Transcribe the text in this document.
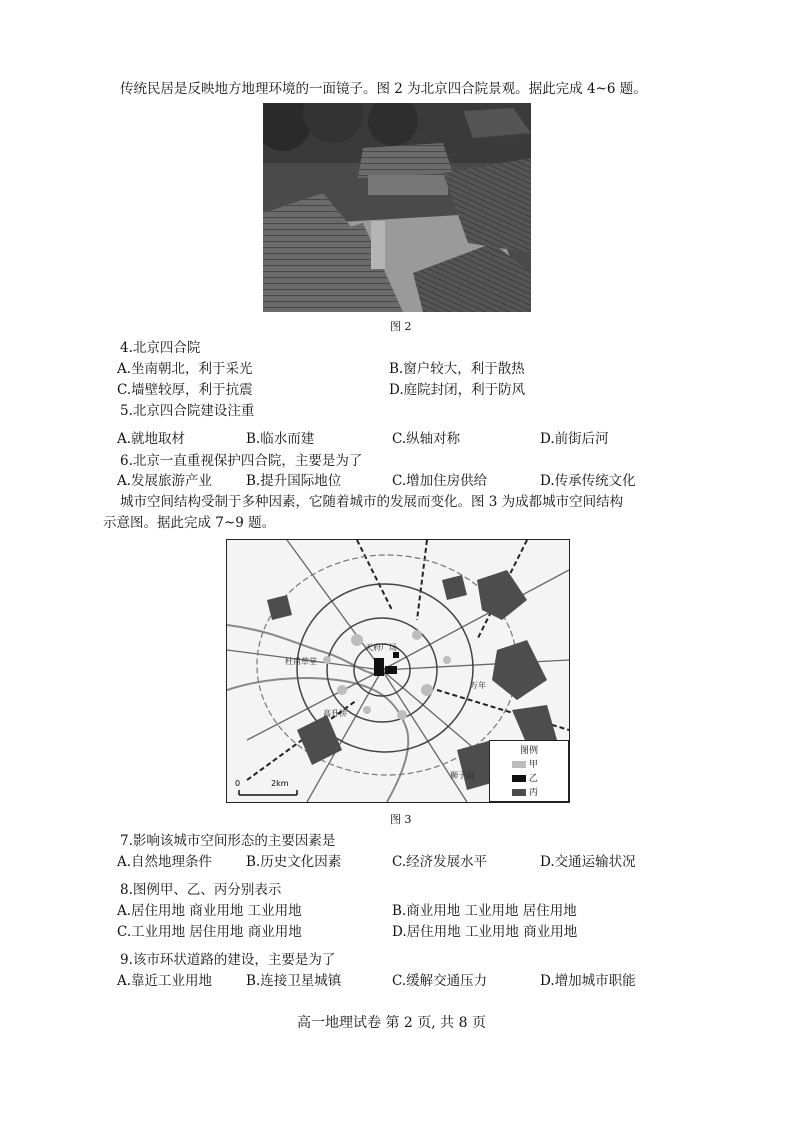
传统民居是反映地方地理环境的一面镜子。图 2 为北京四合院景观。据此完成 4~6 题。
图 2
4.北京四合院
A.坐南朝北，利于采光	B.窗户较大，利于散热
C.墙壁较厚，利于抗震	D.庭院封闭，利于防风
5.北京四合院建设注重
A.就地取材	B.临水而建	C.纵轴对称	D.前街后河
6.北京一直重视保护四合院，主要是为了
A.发展旅游产业	B.提升国际地位	C.增加住房供给	D.传承传统文化
城市空间结构受制于多种因素，它随着城市的发展而变化。图 3 为成都城市空间结构
示意图。据此完成 7~9 题。
杜甫草堂
天府广场
万年
高升桥
狮子山
0	2km
图例
甲
乙
丙
图 3
7.影响该城市空间形态的主要因素是
A.自然地理条件	B.历史文化因素	C.经济发展水平	D.交通运输状况
8.图例甲、乙、丙分别表示
A.居住用地 商业用地 工业用地	B.商业用地 工业用地 居住用地
C.工业用地 居住用地 商业用地	D.居住用地 工业用地 商业用地
9.该市环状道路的建设，主要是为了
A.靠近工业用地	B.连接卫星城镇	C.缓解交通压力	D.增加城市职能
高一地理试卷 第 2 页, 共 8 页
